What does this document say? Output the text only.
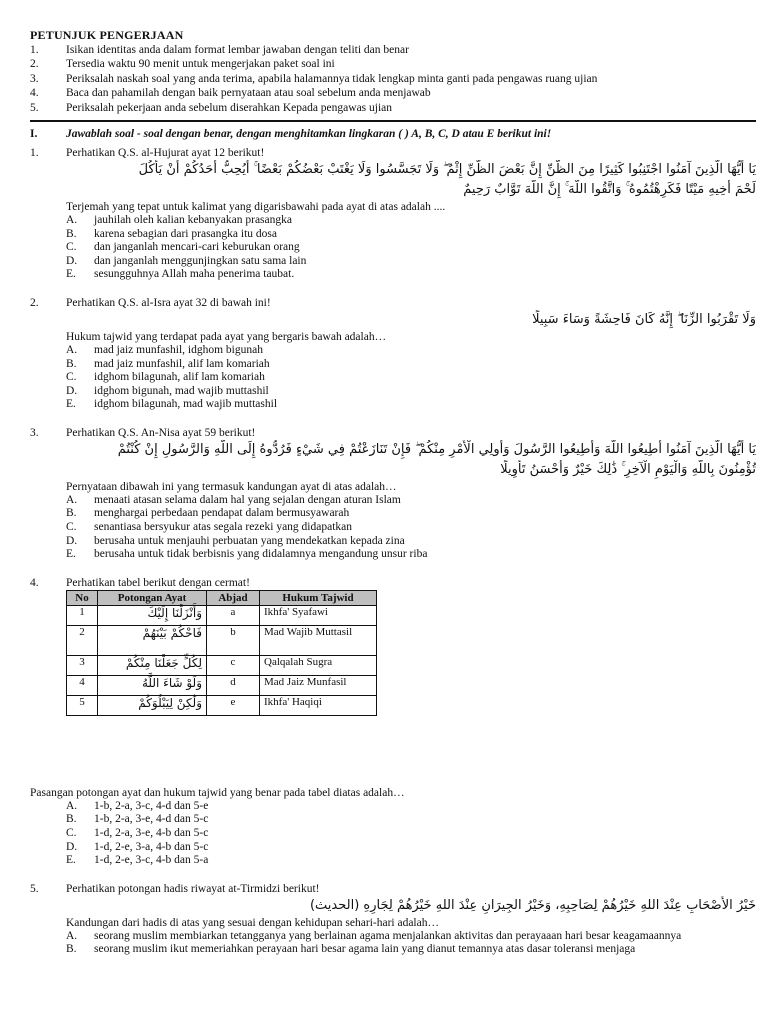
PETUNJUK PENGERJAAN
1.	Isikan identitas anda dalam format lembar jawaban dengan teliti dan benar
2.	Tersedia waktu 90 menit untuk mengerjakan paket soal ini
3.	Periksalah naskah soal yang anda terima, apabila halamannya tidak lengkap minta ganti pada pengawas ruang ujian
4.	Baca dan pahamilah dengan baik pernyataan atau soal sebelum anda menjawab
5.	Periksalah pekerjaan anda sebelum diserahkan Kepada pengawas ujian
I.	Jawablah soal - soal dengan benar, dengan menghitamkan lingkaran ( ) A, B, C, D atau E berikut ini!
1.	Perhatikan Q.S. al-Hujurat ayat 12 berikut!
يَا أَيُّهَا الَّذِينَ آمَنُوا اجْتَنِبُوا كَثِيرًا مِنَ الظَّنِّ إِنَّ بَعْضَ الظَّنِّ إِثْمٌ ۖ وَلَا تَجَسَّسُوا وَلَا يَغْتَبْ بَعْضُكُمْ بَعْضًا ۚ أَيُحِبُّ أَحَدُكُمْ أَنْ يَأْكُلَ
لَحْمَ أَخِيهِ مَيْتًا فَكَرِهْتُمُوهُ ۚ وَاتَّقُوا اللَّهَ ۚ إِنَّ اللَّهَ تَوَّابٌ رَحِيمٌ
Terjemah yang tepat untuk kalimat yang digarisbawahi pada ayat di atas adalah ....
A.	jauhilah oleh kalian kebanyakan prasangka
B.	karena sebagian dari prasangka itu dosa
C.	dan janganlah mencari-cari keburukan orang
D.	dan janganlah menggunjingkan satu sama lain
E.	sesungguhnya Allah maha penerima taubat.
2.	Perhatikan Q.S. al-Isra ayat 32 di bawah ini!
وَلَا تَقْرَبُوا الزِّنَا ۖ إِنَّهُ كَانَ فَاحِشَةً وَسَاءَ سَبِيلًا
Hukum tajwid yang terdapat pada ayat yang bergaris bawah adalah…
A.	mad jaiz munfashil, idghom bigunah
B.	mad jaiz munfashil, alif lam komariah
C.	idghom bilagunah, alif lam komariah
D.	idghom bigunah, mad wajib muttashil
E.	idghom bilagunah, mad wajib muttashil
3.	Perhatikan Q.S. An-Nisa ayat 59 berikut!
يَا أَيُّهَا الَّذِينَ آمَنُوا أَطِيعُوا اللَّهَ وَأَطِيعُوا الرَّسُولَ وَأُولِي الْأَمْرِ مِنْكُمْ ۖ فَإِنْ تَنَازَعْتُمْ فِي شَيْءٍ فَرُدُّوهُ إِلَى اللَّهِ وَالرَّسُولِ إِنْ كُنْتُمْ
تُؤْمِنُونَ بِاللَّهِ وَالْيَوْمِ الْآخِرِ ۚ ذَٰلِكَ خَيْرٌ وَأَحْسَنُ تَأْوِيلًا
Pernyataan dibawah ini yang termasuk kandungan ayat di atas adalah…
A.	menaati atasan selama dalam hal yang sejalan dengan aturan Islam
B.	menghargai perbedaan pendapat dalam bermusyawarah
C.	senantiasa bersyukur atas segala rezeki yang didapatkan
D.	berusaha untuk menjauhi perbuatan yang mendekatkan kepada zina
E.	berusaha untuk tidak berbisnis yang didalamnya mengandung unsur riba
4.	Perhatikan tabel berikut dengan cermat!
No	Potongan Ayat	Abjad	Hukum Tajwid
1	وَأَنْزَلْنَا إِلَيْكَ	a	Ikhfa' Syafawi
2	فَاحْكُمْ بَيْنَهُمْ	b	Mad Wajib Muttasil
3	لِكُلٍّ جَعَلْنَا مِنْكُمْ	c	Qalqalah Sugra
4	وَلَوْ شَاءَ اللَّهُ	d	Mad Jaiz Munfasil
5	وَلَٰكِنْ لِيَبْلُوَكُمْ	e	Ikhfa' Haqiqi
Pasangan potongan ayat dan hukum tajwid yang benar pada tabel diatas adalah…
A.	1-b, 2-a, 3-c, 4-d dan 5-e
B.	1-b, 2-a, 3-e, 4-d dan 5-c
C.	1-d, 2-a, 3-e, 4-b dan 5-c
D.	1-d, 2-e, 3-a, 4-b dan 5-c
E.	1-d, 2-e, 3-c, 4-b dan 5-a
5.	Perhatikan potongan hadis riwayat at-Tirmidzi berikut!
خَيْرُ الأَصْحَابِ عِنْدَ اللهِ خَيْرُهُمْ لِصَاحِبِهِ، وَخَيْرُ الجِيرَانِ عِنْدَ اللهِ خَيْرُهُمْ لِجَارِهِ (الحديث)
Kandungan dari hadis di atas yang sesuai dengan kehidupan sehari-hari adalah…
A.	seorang muslim membiarkan tetangganya yang berlainan agama menjalankan aktivitas dan perayaaan hari besar keagamaannya
B.	seorang muslim ikut memeriahkan perayaan hari besar agama lain yang dianut temannya atas dasar toleransi menjaga
